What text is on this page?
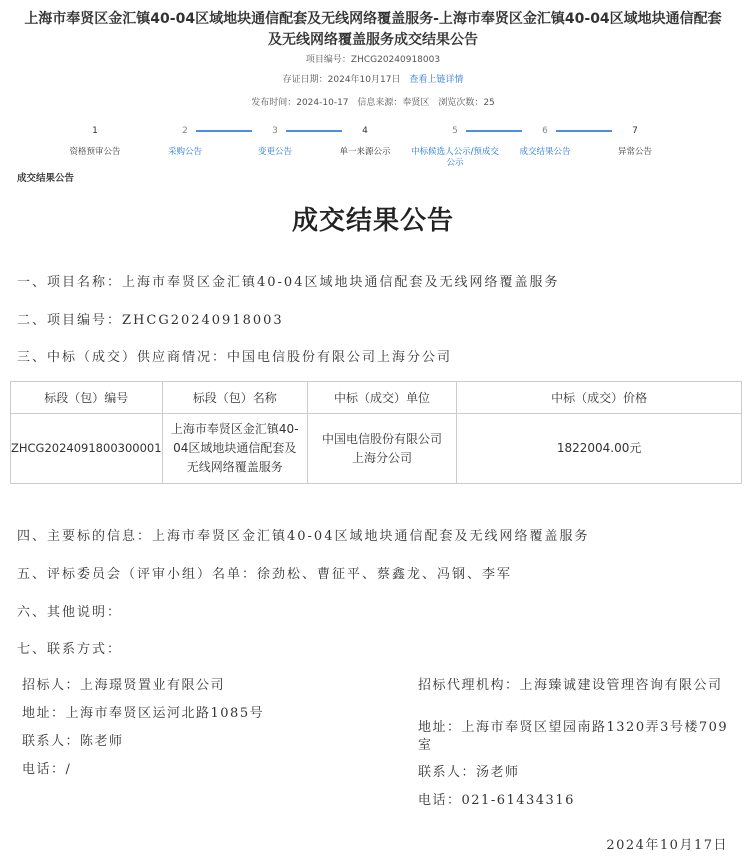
上海市奉贤区金汇镇40-04区域地块通信配套及无线网络覆盖服务-上海市奉贤区金汇镇40-04区域地块通信配套及无线网络覆盖服务成交结果公告
项目编号：ZHCG20240918003
存证日期：2024年10月17日 查看上链详情
发布时间：2024-10-17 信息来源：奉贤区 浏览次数：25
1
资格预审公告
2
采购公告
3
变更公告
4
单一来源公示
5
中标候选人公示/预成交公示
6
成交结果公告
7
异常公告
成交结果公告
成交结果公告
一、项目名称：上海市奉贤区金汇镇40-04区域地块通信配套及无线网络覆盖服务
二、项目编号：ZHCG20240918003
三、中标（成交）供应商情况：中国电信股份有限公司上海分公司
标段（包）编号	标段（包）名称	中标（成交）单位	中标（成交）价格
ZHCG2024091800300001	上海市奉贤区金汇镇40-04区域地块通信配套及无线网络覆盖服务	中国电信股份有限公司上海分公司	1822004.00元
四、主要标的信息：上海市奉贤区金汇镇40-04区域地块通信配套及无线网络覆盖服务
五、评标委员会（评审小组）名单：徐劲松、曹征平、蔡鑫龙、冯钢、李军
六、其他说明：
七、联系方式：
招标人：上海璟贤置业有限公司
地址：上海市奉贤区运河北路1085号
联系人：陈老师
电话：/
招标代理机构：上海臻诚建设管理咨询有限公司
地址：上海市奉贤区望园南路1320弄3号楼709室
联系人：汤老师
电话：021-61434316
2024年10月17日
